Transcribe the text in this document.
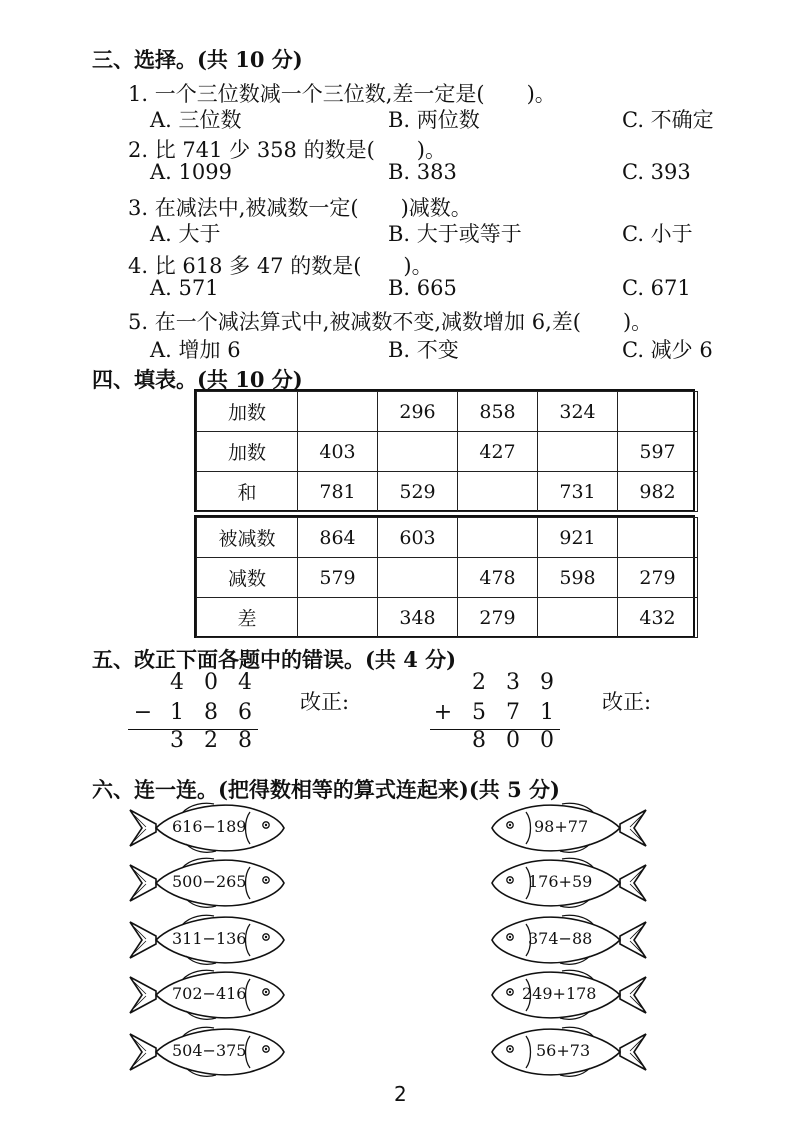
三、选择。(共 10 分)
1. 一个三位数减一个三位数,差一定是(　　)。
A. 三位数	B. 两位数	C. 不确定
2. 比 741 少 358 的数是(　　)。
A. 1099	B. 383	C. 393
3. 在减法中,被减数一定(　　)减数。
A. 大于	B. 大于或等于	C. 小于
4. 比 618 多 47 的数是(　　)。
A. 571	B. 665	C. 671
5. 在一个减法算式中,被减数不变,减数增加 6,差(　　)。
A. 增加 6	B. 不变	C. 减少 6
四、填表。(共 10 分)
加数		296	858	324	
加数	403		427		597
和	781	529		731	982
被减数	864	603		921	
减数	579		478	598	279
差		348	279		432
五、改正下面各题中的错误。(共 4 分)
4 0 4
− 1 8 6
3 2 8
改正:
2 3 9
+ 5 7 1
8 0 0
改正:
六、连一连。(把得数相等的算式连起来)(共 5 分)
616−189
500−265
311−136
702−416
504−375
98+77
176+59
374−88
249+178
56+73
2
